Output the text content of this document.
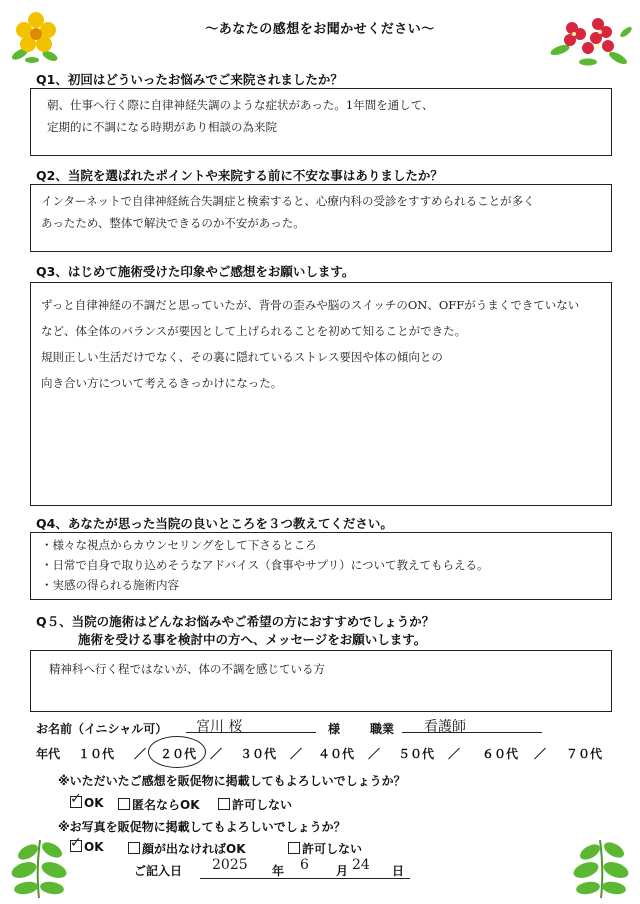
～あなたの感想をお聞かせください～
Q1、初回はどういったお悩みでご来院されましたか？
朝、仕事へ行く際に自律神経失調のような症状があった。1年間を通して、
定期的に不調になる時期があり相談の為来院
Q2、当院を選ばれたポイントや来院する前に不安な事はありましたか？
インターネットで自律神経統合失調症と検索すると、心療内科の受診をすすめられることが多く
あったため、整体で解決できるのか不安があった。
Q3、はじめて施術受けた印象やご感想をお願いします。
ずっと自律神経の不調だと思っていたが、背骨の歪みや脳のスイッチのON、OFFがうまくできていない
など、体全体のバランスが要因として上げられることを初めて知ることができた。
規則正しい生活だけでなく、その裏に隠れているストレス要因や体の傾向との
向き合い方について考えるきっかけになった。
Q4、あなたが思った当院の良いところを３つ教えてください。
・様々な視点からカウンセリングをして下さるところ
・日常で自身で取り込めそうなアドバイス（食事やサプリ）について教えてもらえる。
・実感の得られる施術内容
Q５、当院の施術はどんなお悩みやご希望の方におすすめでしょうか？
施術を受ける事を検討中の方へ、メッセージをお願いします。
精神科へ行く程ではないが、体の不調を感じている方
お名前（イニシャル可） 宮川 桜	様 職業 看護師
年代 １０代 ／ ２０代 ／ ３０代 ／ ４０代 ／ ５０代 ／ ６０代 ／ ７０代
※いただいたご感想を販促物に掲載してもよろしいでしょうか？
✓ OK	匿名ならOK	許可しない
※お写真を販促物に掲載してもよろしいでしょうか？
✓ OK	顔が出なければOK	許可しない
ご記入日 2025 年 6 月 24 日
